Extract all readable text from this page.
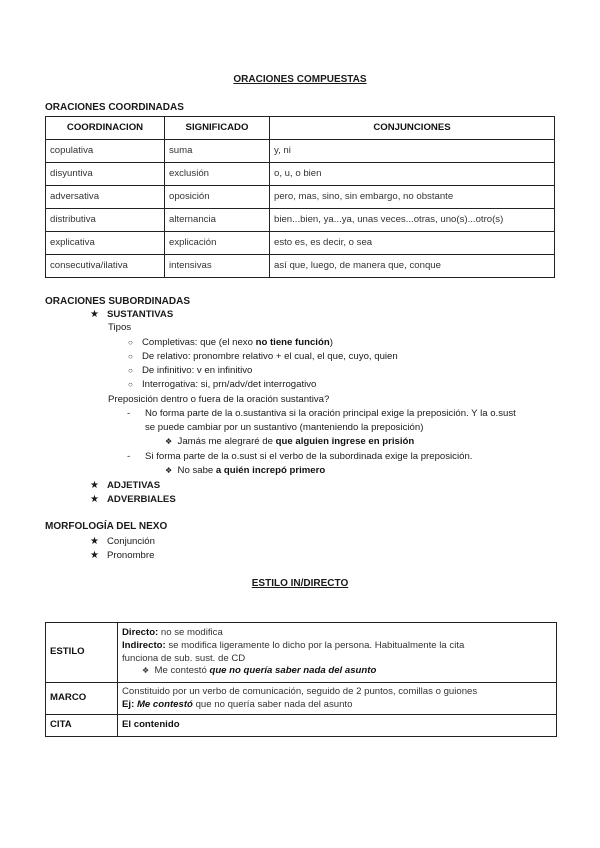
ORACIONES COMPUESTAS
ORACIONES COORDINADAS
COORDINACION	SIGNIFICADO	CONJUNCIONES
copulativa	suma	y, ni
disyuntiva	exclusión	o, u, o bien
adversativa	oposición	pero, mas, sino, sin embargo, no obstante
distributiva	alternancia	bien...bien, ya...ya, unas veces...otras, uno(s)...otro(s)
explicativa	explicación	esto es, es decir, o sea
consecutiva/ilativa	intensivas	así que, luego, de manera que, conque
ORACIONES SUBORDINADAS
★ SUSTANTIVAS
Tipos
○ Completivas: que (el nexo no tiene función)
○ De relativo: pronombre relativo + el cual, el que, cuyo, quien
○ De infinitivo: v en infinitivo
○ Interrogativa: si, prn/adv/det interrogativo
Preposición dentro o fuera de la oración sustantiva?
- No forma parte de la o.sustantiva si la oración principal exige la preposición. Y la o.sust
se puede cambiar por un sustantivo (manteniendo la preposición)
❖ Jamás me alegraré de que alguien ingrese en prisión
- Si forma parte de la o.sust si el verbo de la subordinada exige la preposición.
❖ No sabe a quién increpó primero
★ ADJETIVAS
★ ADVERBIALES
MORFOLOGÍA DEL NEXO
★ Conjunción
★ Pronombre
ESTILO IN/DIRECTO
ESTILO	Directo: no se modifica
Indirecto: se modifica ligeramente lo dicho por la persona. Habitualmente la cita
funciona de sub. sust. de CD
❖ Me contestó que no quería saber nada del asunto

MARCO	Constituido por un verbo de comunicación, seguido de 2 puntos, comillas o guiones
Ej: Me contestó que no quería saber nada del asunto

CITA	El contenido
